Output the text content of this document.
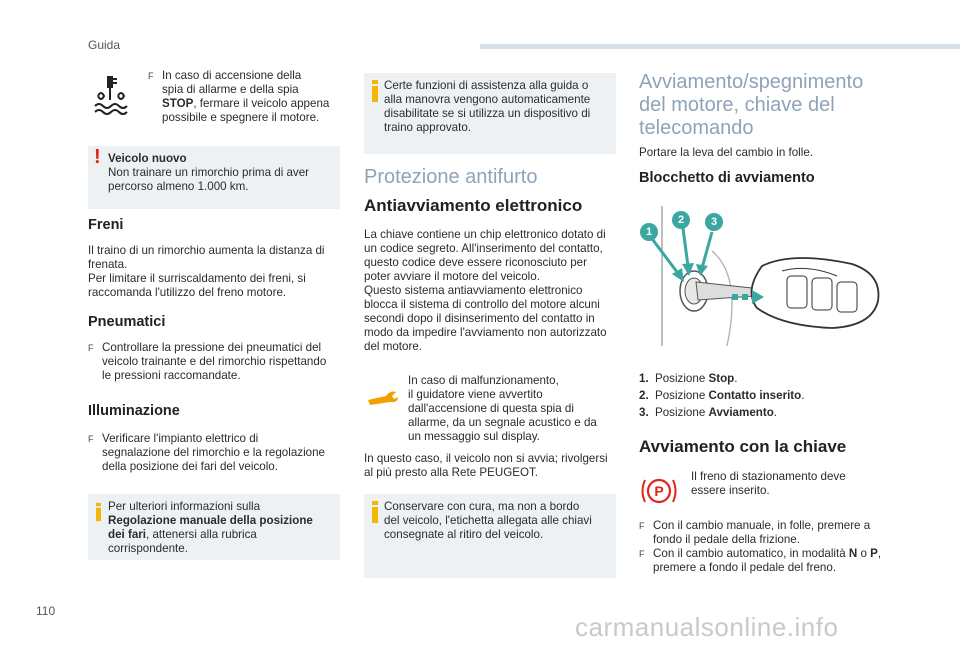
Guida
F In caso di accensione della

spia di allarme e della spia

STOP, fermare il veicolo appena

possibile e spegnere il motore.

! Veicolo nuovo

Non trainare un rimorchio prima di aver

percorso almeno 1.000 km.

Freni

Il traino di un rimorchio aumenta la distanza di

frenata.

Per limitare il surriscaldamento dei freni, si

raccomanda l'utilizzo del freno motore.

Pneumatici
F Controllare la pressione dei pneumatici del

veicolo trainante e del rimorchio rispettando

le pressioni raccomandate.

Illuminazione
F Verificare l'impianto elettrico di

segnalazione del rimorchio e la regolazione

della posizione dei fari del veicolo.

Per ulteriori informazioni sulla

Regolazione manuale della posizione

dei fari, attenersi alla rubrica

corrispondente.

Certe funzioni di assistenza alla guida o

alla manovra vengono automaticamente

disabilitate se si utilizza un dispositivo di

traino approvato.

Protezione antifurto
Antiavviamento elettronico

La chiave contiene un chip elettronico dotato di

un codice segreto. All'inserimento del contatto,

questo codice deve essere riconosciuto per

poter avviare il motore del veicolo.

Questo sistema antiavviamento elettronico

blocca il sistema di controllo del motore alcuni

secondi dopo il disinserimento del contatto in

modo da impedire l'avviamento non autorizzato

del motore.

In caso di malfunzionamento,

il guidatore viene avvertito

dall'accensione di questa spia di

allarme, da un segnale acustico e da

un messaggio sul display.

In questo caso, il veicolo non si avvia; rivolgersi

al più presto alla Rete PEUGEOT.

Conservare con cura, ma non a bordo

del veicolo, l'etichetta allegata alle chiavi

consegnate al ritiro del veicolo.

Avviamento/spegnimento

del motore, chiave del

telecomando

Portare la leva del cambio in folle.
Blocchetto di avviamento
1
2	3
1. Posizione Stop.
2. Posizione Contatto inserito.
3. Posizione Avviamento.
Avviamento con la chiave
P

Il freno di stazionamento deve

essere inserito.

F Con il cambio manuale, in folle, premere a

fondo il pedale della frizione.

F Con il cambio automatico, in modalità N o P,

premere a fondo il pedale del freno.

110
carmanualsonline.info
